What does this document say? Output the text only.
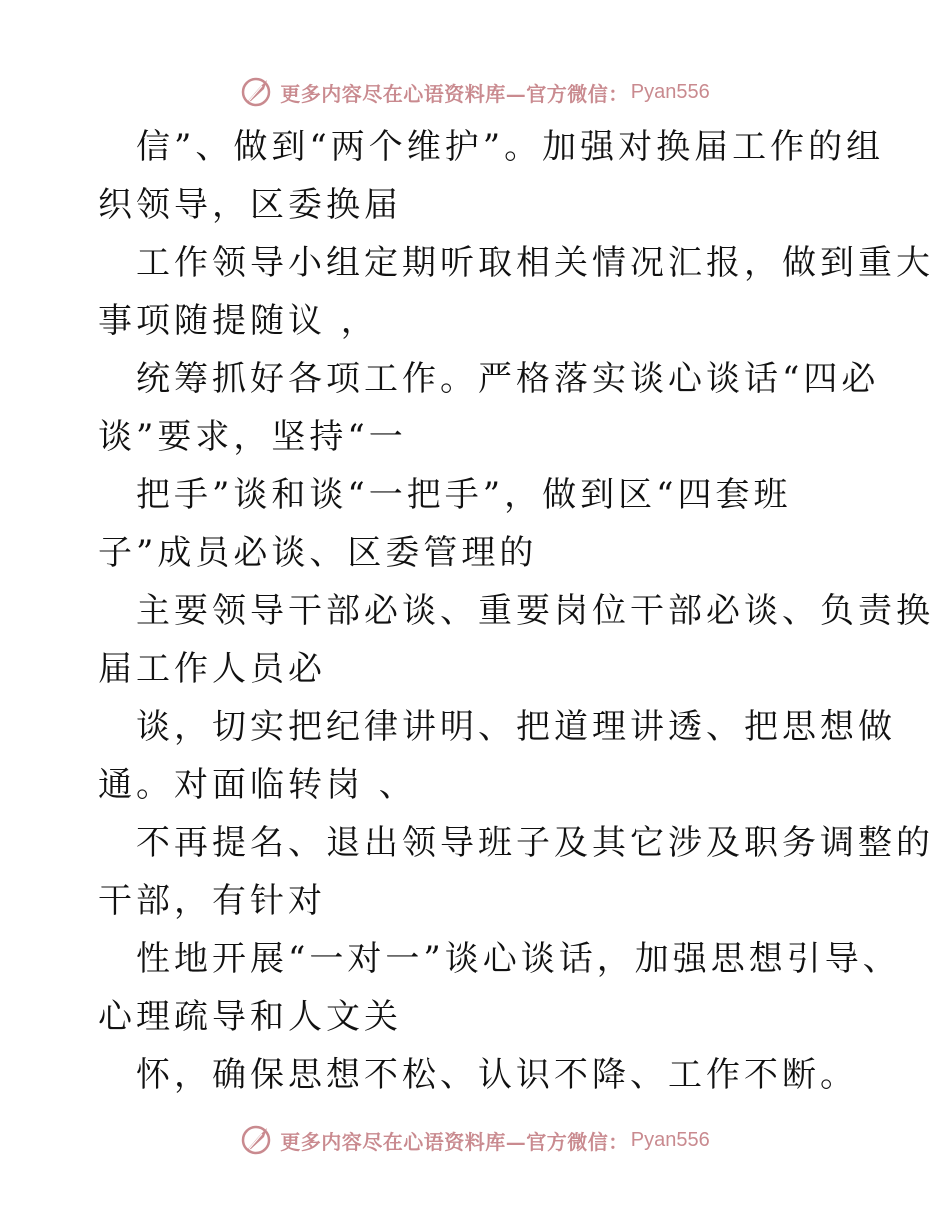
更多内容尽在心语资料库—官方微信： Pyan556
信”、做到“两个维护”。加强对换届工作的组
织领导，区委换届
工作领导小组定期听取相关情况汇报，做到重大
事项随提随议 ，
统筹抓好各项工作。严格落实谈心谈话“四必
谈”要求，坚持“一
把手”谈和谈“一把手”，做到区“四套班
子”成员必谈、区委管理的
主要领导干部必谈、重要岗位干部必谈、负责换
届工作人员必
谈，切实把纪律讲明、把道理讲透、把思想做
通。对面临转岗 、
不再提名、退出领导班子及其它涉及职务调整的
干部，有针对
性地开展“一对一”谈心谈话，加强思想引导、
心理疏导和人文关
怀，确保思想不松、认识不降、工作不断。
更多内容尽在心语资料库—官方微信： Pyan556
